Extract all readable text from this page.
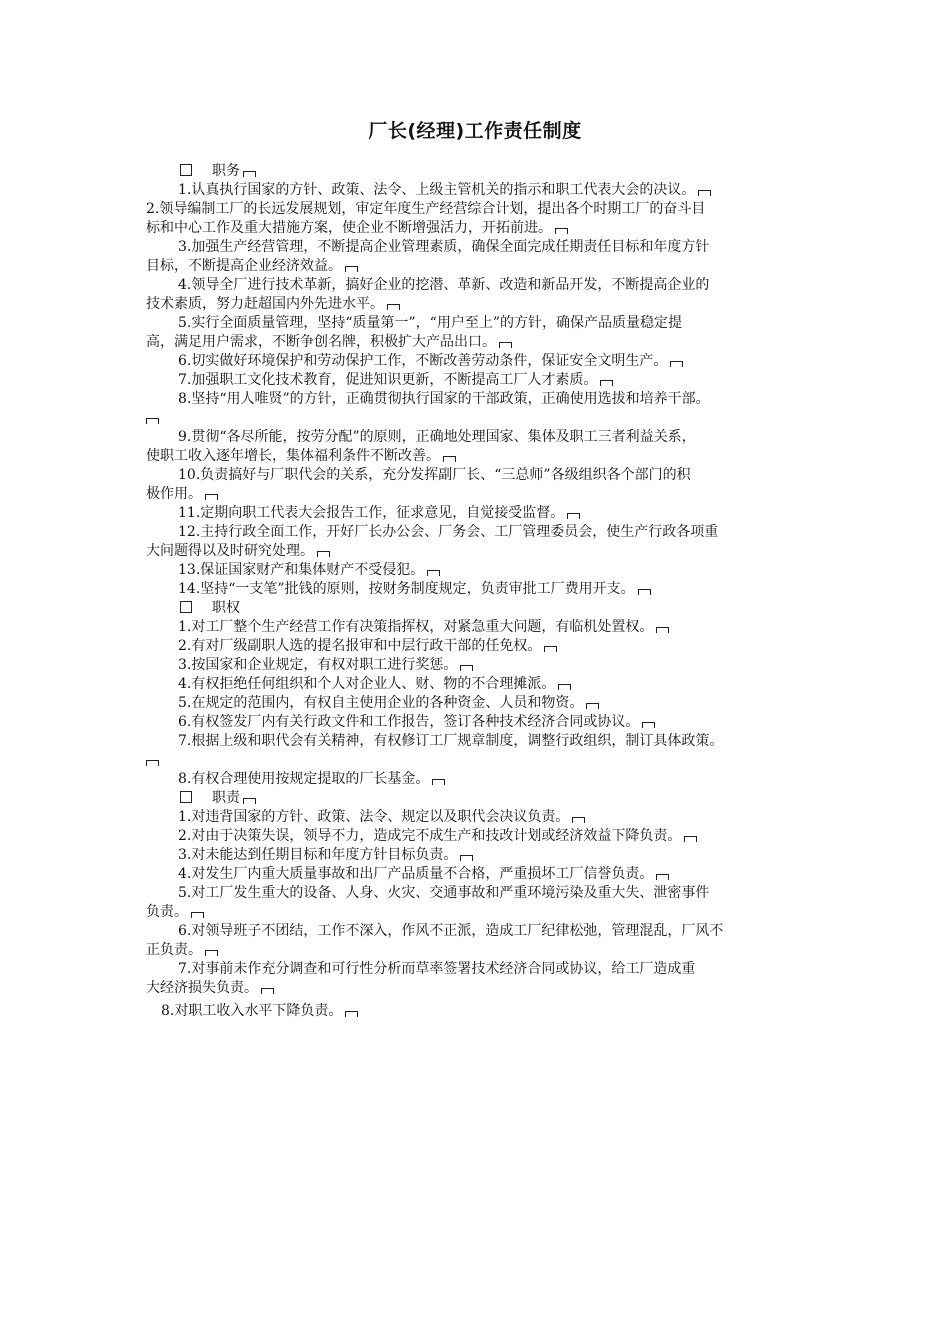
厂长(经理)工作责任制度
职务
1.认真执行国家的方针、政策、法令、上级主管机关的指示和职工代表大会的决议。
2.领导编制工厂的长远发展规划，审定年度生产经营综合计划，提出各个时期工厂的奋斗目
标和中心工作及重大措施方案，使企业不断增强活力，开拓前进。
3.加强生产经营管理，不断提高企业管理素质，确保全面完成任期责任目标和年度方针
目标，不断提高企业经济效益。
4.领导全厂进行技术革新，搞好企业的挖潜、革新、改造和新品开发，不断提高企业的
技术素质，努力赶超国内外先进水平。
5.实行全面质量管理，坚持“质量第一”，“用户至上”的方针，确保产品质量稳定提
高，满足用户需求，不断争创名牌，积极扩大产品出口。
6.切实做好环境保护和劳动保护工作，不断改善劳动条件，保证安全文明生产。
7.加强职工文化技术教育，促进知识更新，不断提高工厂人才素质。
8.坚持“用人唯贤”的方针，正确贯彻执行国家的干部政策，正确使用选拔和培养干部。
9.贯彻“各尽所能，按劳分配”的原则，正确地处理国家、集体及职工三者利益关系，
使职工收入逐年增长，集体福利条件不断改善。
10.负责搞好与厂职代会的关系，充分发挥副厂长、“三总师”各级组织各个部门的积
极作用。
11.定期向职工代表大会报告工作，征求意见，自觉接受监督。
12.主持行政全面工作，开好厂长办公会、厂务会、工厂管理委员会，使生产行政各项重
大问题得以及时研究处理。
13.保证国家财产和集体财产不受侵犯。
14.坚持“一支笔”批钱的原则，按财务制度规定，负责审批工厂费用开支。
职权
1.对工厂整个生产经营工作有决策指挥权，对紧急重大问题，有临机处置权。
2.有对厂级副职人选的提名报审和中层行政干部的任免权。
3.按国家和企业规定，有权对职工进行奖惩。
4.有权拒绝任何组织和个人对企业人、财、物的不合理摊派。
5.在规定的范围内，有权自主使用企业的各种资金、人员和物资。
6.有权签发厂内有关行政文件和工作报告，签订各种技术经济合同或协议。
7.根据上级和职代会有关精神，有权修订工厂规章制度，调整行政组织，制订具体政策。
8.有权合理使用按规定提取的厂长基金。
职责
1.对违背国家的方针、政策、法令、规定以及职代会决议负责。
2.对由于决策失误，领导不力，造成完不成生产和技改计划或经济效益下降负责。
3.对未能达到任期目标和年度方针目标负责。
4.对发生厂内重大质量事故和出厂产品质量不合格，严重损坏工厂信誉负责。
5.对工厂发生重大的设备、人身、火灾、交通事故和严重环境污染及重大失、泄密事件
负责。
6.对领导班子不团结，工作不深入，作风不正派，造成工厂纪律松弛，管理混乱，厂风不
正负责。
7.对事前未作充分调查和可行性分析而草率签署技术经济合同或协议，给工厂造成重
大经济损失负责。
8.对职工收入水平下降负责。
